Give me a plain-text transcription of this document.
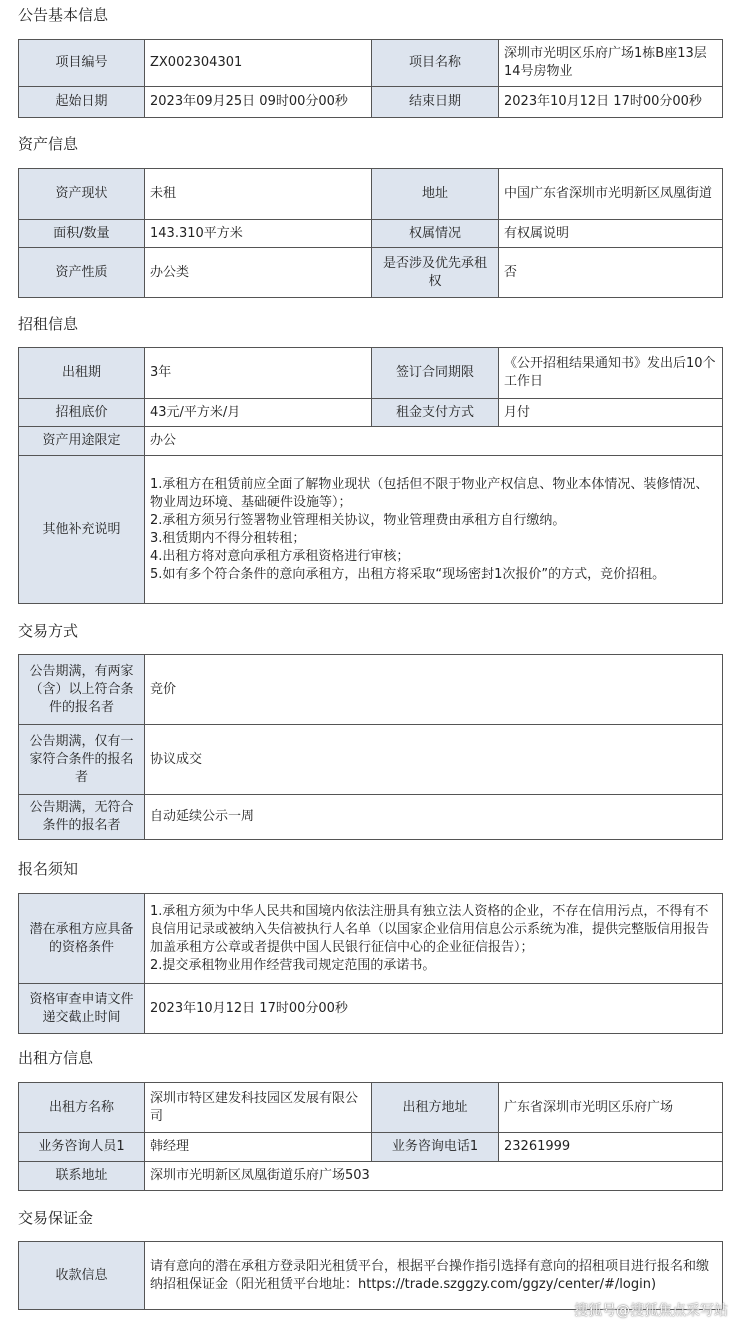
公告基本信息
项目编号	ZX002304301	项目名称	深圳市光明区乐府广场1栋B座13层14号房物业
起始日期	2023年09月25日 09时00分00秒	结束日期	2023年10月12日 17时00分00秒
资产信息
资产现状	未租	地址	中国广东省深圳市光明新区凤凰街道
面积/数量	143.310平方米	权属情况	有权属说明
资产性质	办公类	是否涉及优先承租权	否
招租信息
出租期	3年	签订合同期限	《公开招租结果通知书》发出后10个工作日
招租底价	43元/平方米/月	租金支付方式	月付
资产用途限定	办公		
其他补充说明	1.承租方在租赁前应全面了解物业现状（包括但不限于物业产权信息、物业本体情况、装修情况、物业周边环境、基础硬件设施等）；
2.承租方须另行签署物业管理相关协议，物业管理费由承租方自行缴纳。
3.租赁期内不得分租转租；
4.出租方将对意向承租方承租资格进行审核；
5.如有多个符合条件的意向承租方，出租方将采取“现场密封1次报价”的方式，竞价招租。		
交易方式
公告期满，有两家（含）以上符合条件的报名者	竞价
公告期满，仅有一家符合条件的报名者	协议成交
公告期满，无符合条件的报名者	自动延续公示一周
报名须知
潜在承租方应具备的资格条件	1.承租方须为中华人民共和国境内依法注册具有独立法人资格的企业，不存在信用污点，不得有不良信用记录或被纳入失信被执行人名单（以国家企业信用信息公示系统为准，提供完整版信用报告加盖承租方公章或者提供中国人民银行征信中心的企业征信报告）；
2.提交承租物业用作经营我司规定范围的承诺书。

资格审查申请文件递交截止时间	2023年10月12日 17时00分00秒
出租方信息
出租方名称	深圳市特区建发科技园区发展有限公司	出租方地址	广东省深圳市光明区乐府广场
业务咨询人员1	韩经理	业务咨询电话1	23261999
联系地址	深圳市光明新区凤凰街道乐府广场503		
交易保证金
收款信息	请有意向的潜在承租方登录阳光租赁平台，根据平台操作指引选择有意向的招租项目进行报名和缴纳招租保证金（阳光租赁平台地址：https://trade.szggzy.com/ggzy/center/#/login)
搜狐号@搜狐焦点采写站
